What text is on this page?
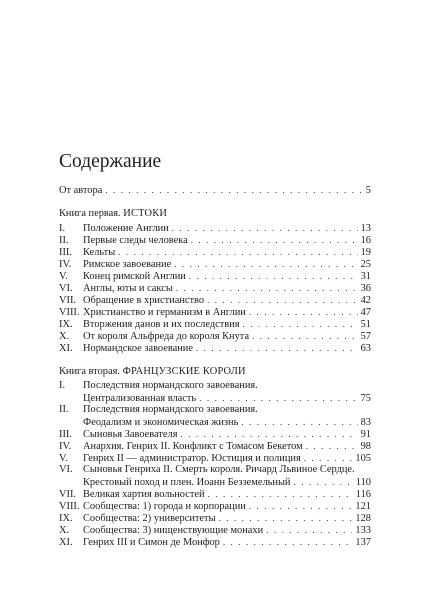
Содержание
От автора . . .	5
Книга первая. ИСТОКИ
I.	Положение Англии . . .	13
II.	Первые следы человека . . .	16
III.	Кельты . . .	19
IV.	Римское завоевание . . .	25
V.	Конец римской Англии . . .	31
VI.	Англы, юты и саксы . . .	36
VII. Обращение в христианство . . .	42
VIII. Христианство и германизм в Англии . . .	47
IX.	Вторжения данов и их последствия . . .	51
X.	От короля Альфреда до короля Кнута . . .	57
XI.	Нормандское завоевание . . .	63
Книга вторая. ФРАНЦУЗСКИЕ КОРОЛИ
I.	Последствия нормандского завоевания.
Централизованная власть . . .	75
II.	Последствия нормандского завоевания.
Феодализм и экономическая жизнь . . .	83
III.	Сыновья Завоевателя . . .	91
IV.	Анархия. Генрих II. Конфликт с Томасом Бекетом . . .	98
V.	Генрих II — администратор. Юстиция и полиция . . .	105
VI.	Сыновья Генриха II. Смерть короля. Ричард Львиное Сердце.
Крестовый поход и плен. Иоанн Безземельный . . .	110
VII. Великая хартия вольностей . . .	116
VIII. Сообщества: 1) города и корпорации . . .	121
IX.	Сообщества: 2) университеты . . .	128
X.	Сообщества: 3) нищенствующие монахи . . .	133
XI.	Генрих III и Симон де Монфор . . .	137
